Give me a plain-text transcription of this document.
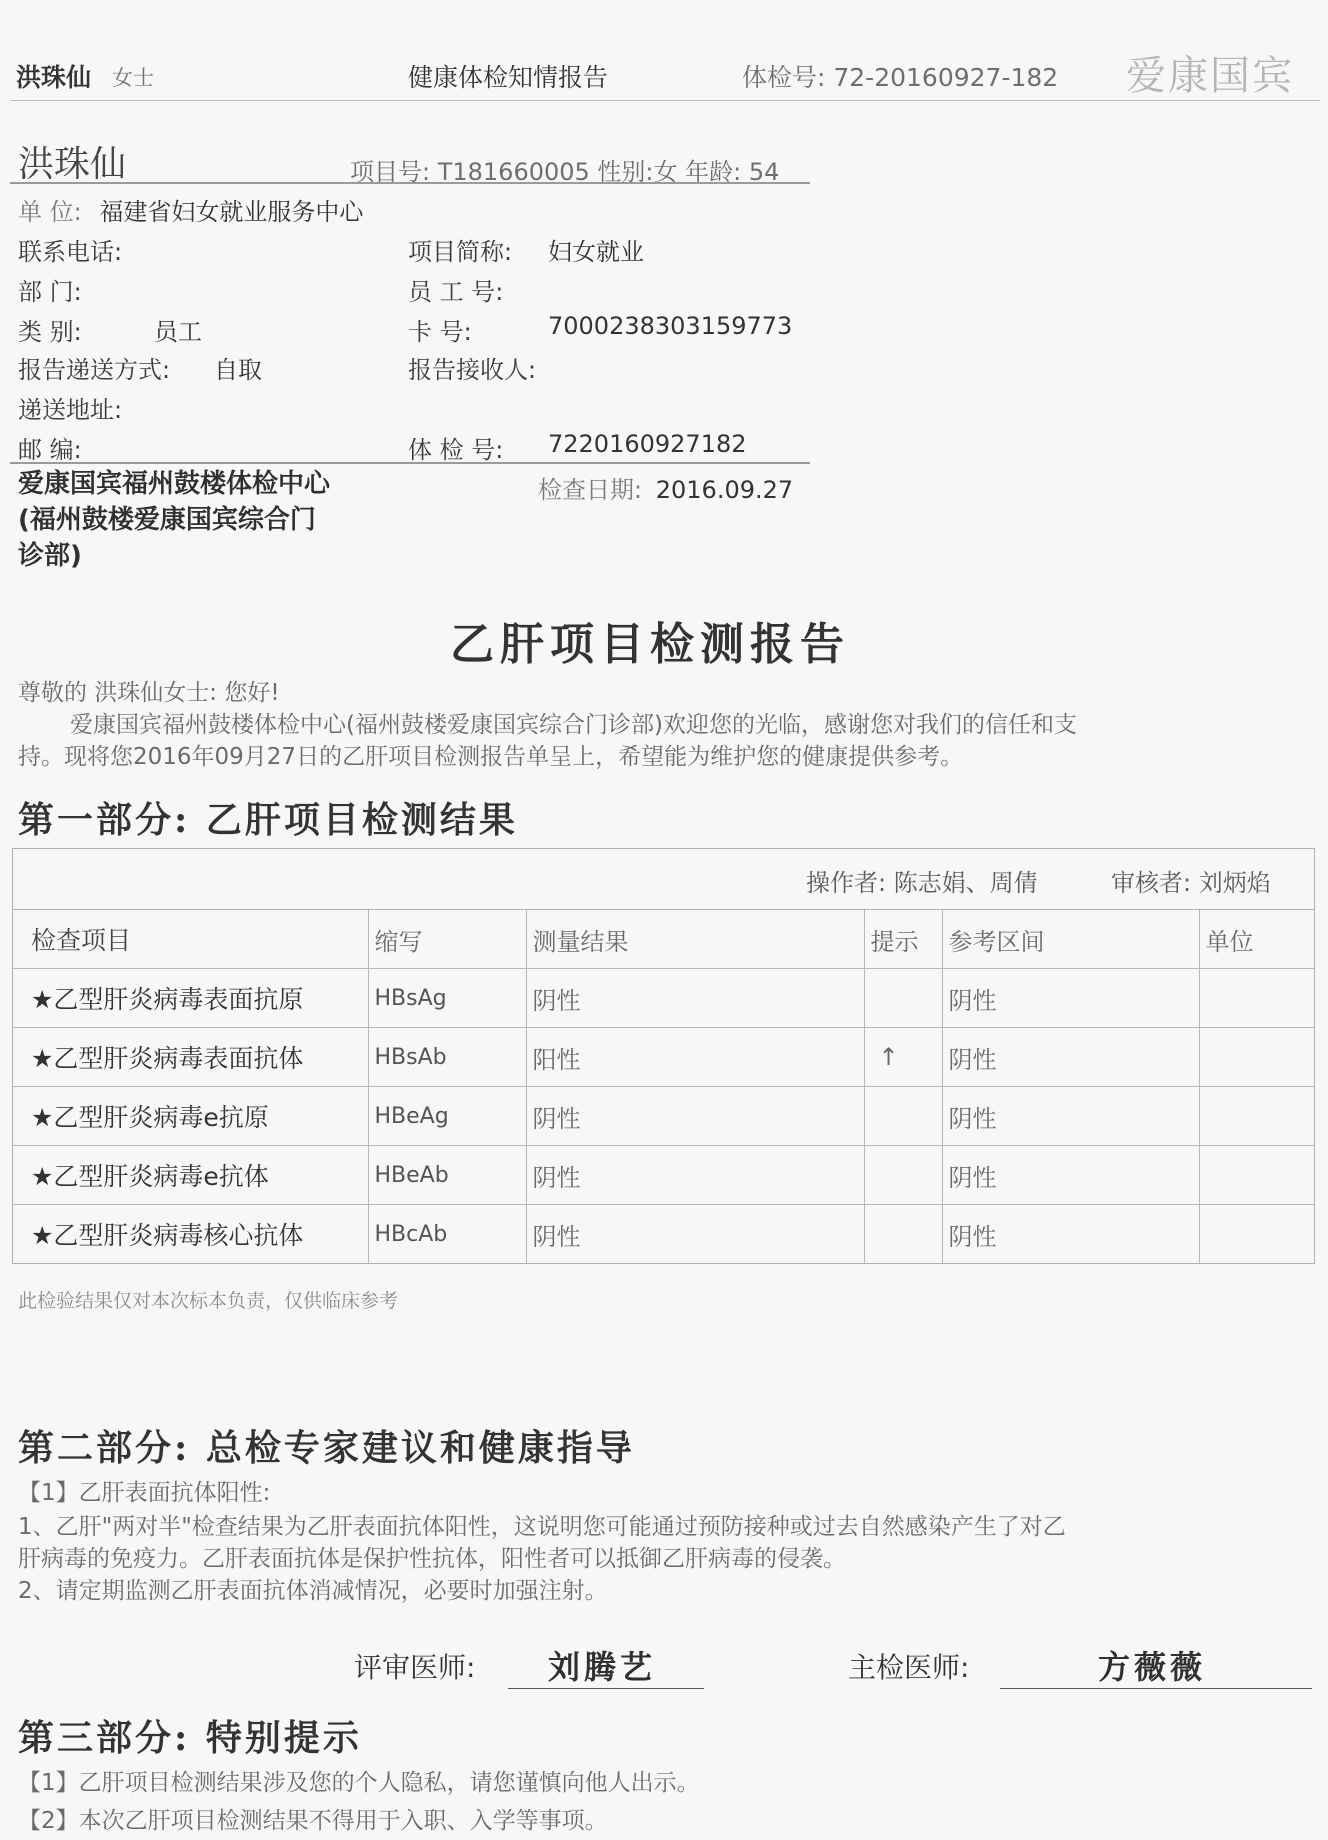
洪珠仙 女士	健康体检知情报告	体检号: 72-20160927-182 爱康国宾
洪珠仙	项目号: T181660005 性别:女 年龄: 54
单 位: 福建省妇女就业服务中心
联系电话:	项目简称: 妇女就业
部 门:	员 工 号:
类 别:	员工	卡 号:	7000238303159773
报告递送方式: 自取	报告接收人:
递送地址:
邮 编:	体 检 号: 7220160927182
爱康国宾福州鼓楼体检中心
(福州鼓楼爱康国宾综合门
诊部)
检查日期: 2016.09.27
乙肝项目检测报告
尊敬的 洪珠仙女士: 您好!
爱康国宾福州鼓楼体检中心(福州鼓楼爱康国宾综合门诊部)欢迎您的光临，感谢您对我们的信任和支
持。现将您2016年09月27日的乙肝项目检测报告单呈上，希望能为维护您的健康提供参考。
第一部分: 乙肝项目检测结果
操作者: 陈志娟、周倩	审核者: 刘炳焰
检查项目	缩写	测量结果	提示	参考区间	单位
★乙型肝炎病毒表面抗原	HBsAg	阴性		阴性	
★乙型肝炎病毒表面抗体	HBsAb	阳性	↑	阴性	
★乙型肝炎病毒e抗原	HBeAg	阴性		阴性	
★乙型肝炎病毒e抗体	HBeAb	阴性		阴性	
★乙型肝炎病毒核心抗体	HBcAb	阴性		阴性	
此检验结果仅对本次标本负责，仅供临床参考
第二部分: 总检专家建议和健康指导
【1】乙肝表面抗体阳性:
1、乙肝"两对半"检查结果为乙肝表面抗体阳性，这说明您可能通过预防接种或过去自然感染产生了对乙
肝病毒的免疫力。乙肝表面抗体是保护性抗体，阳性者可以抵御乙肝病毒的侵袭。
2、请定期监测乙肝表面抗体消减情况，必要时加强注射。
评审医师: 刘腾艺	主检医师:	方薇薇
第三部分: 特别提示
【1】乙肝项目检测结果涉及您的个人隐私，请您谨慎向他人出示。
【2】本次乙肝项目检测结果不得用于入职、入学等事项。
